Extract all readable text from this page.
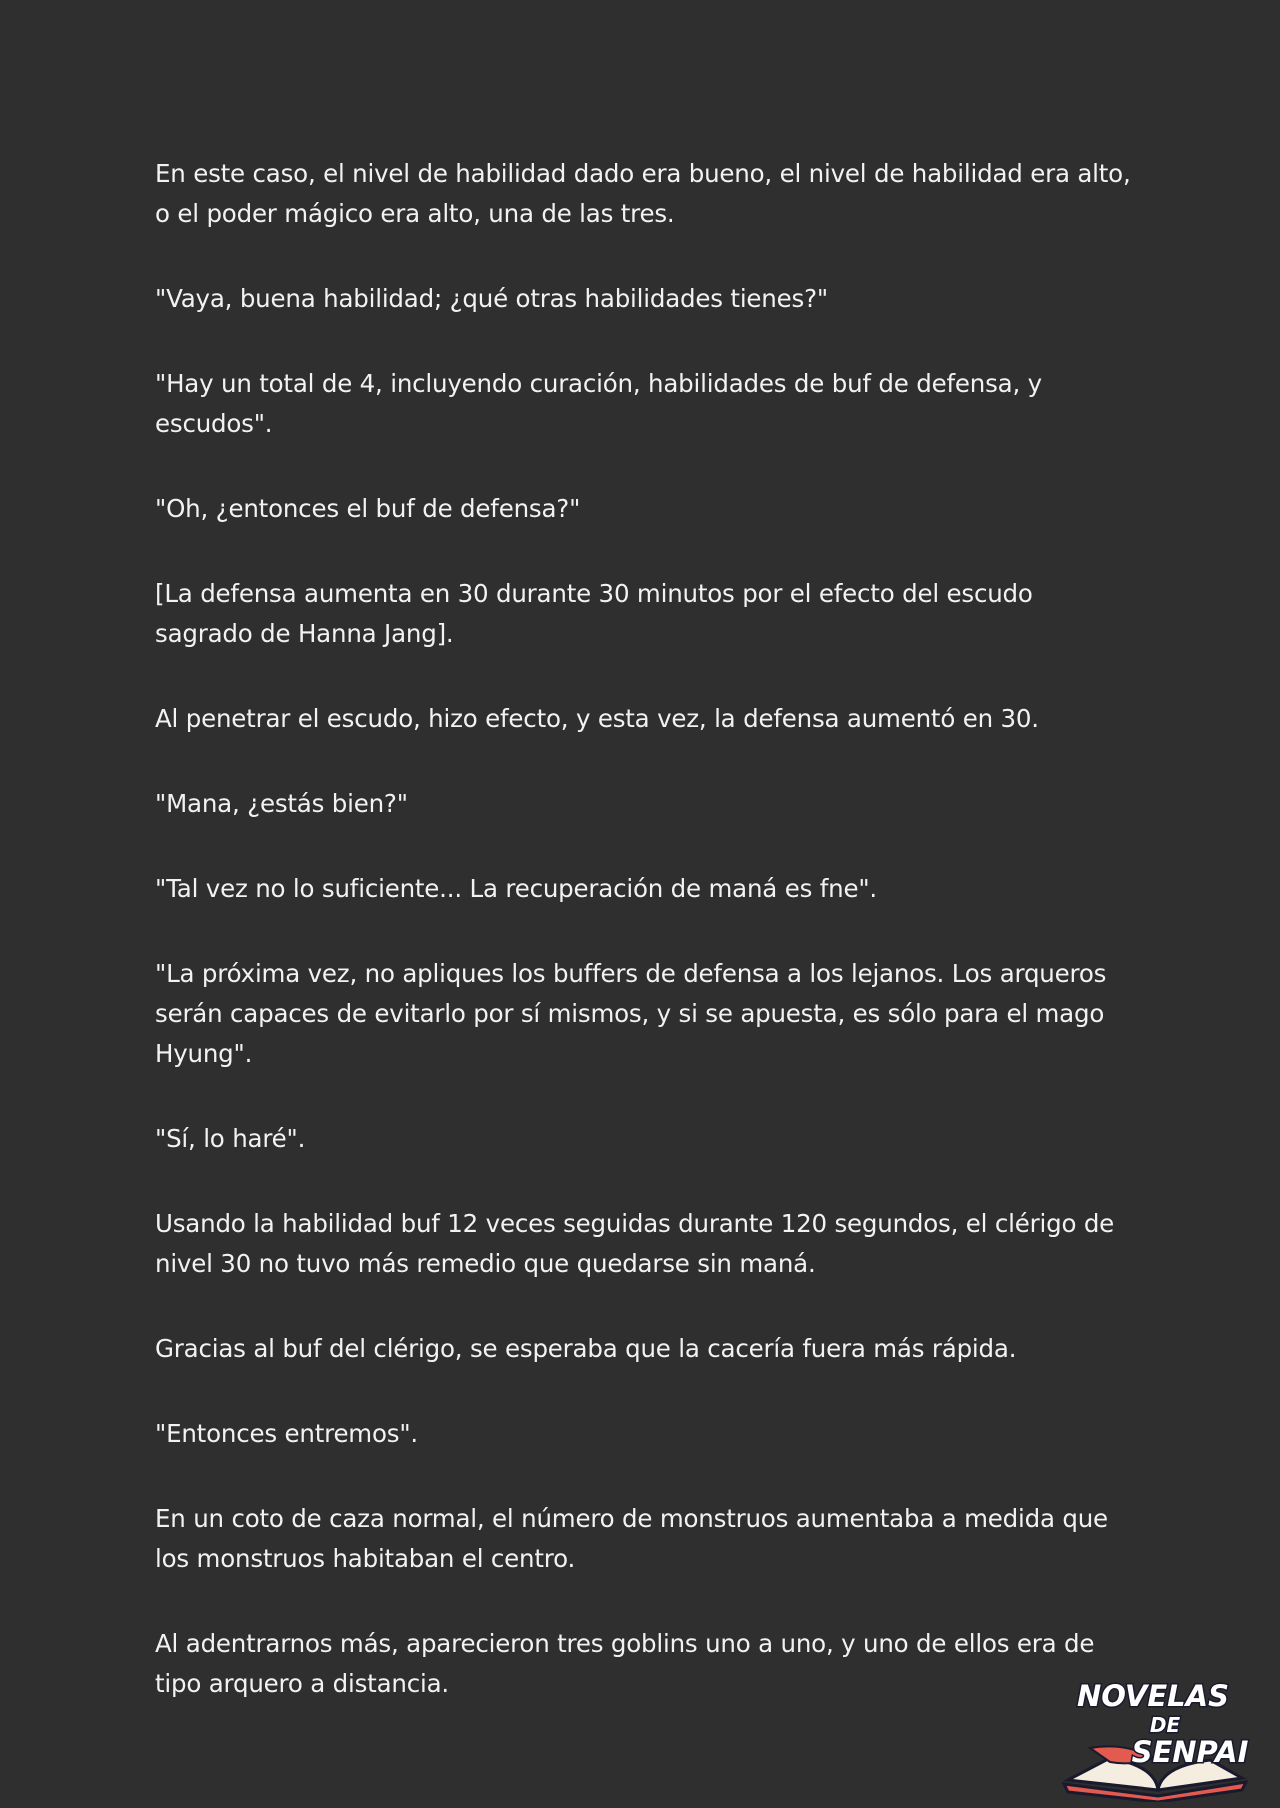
En este caso, el nivel de habilidad dado era bueno, el nivel de habilidad era alto, o el poder mágico era alto, una de las tres.

"Vaya, buena habilidad; ¿qué otras habilidades tienes?"

"Hay un total de 4, incluyendo curación, habilidades de buf de defensa, y escudos".

"Oh, ¿entonces el buf de defensa?"

[La defensa aumenta en 30 durante 30 minutos por el efecto del escudo sagrado de Hanna Jang].

Al penetrar el escudo, hizo efecto, y esta vez, la defensa aumentó en 30.

"Mana, ¿estás bien?"

"Tal vez no lo suficiente... La recuperación de maná es fne".

"La próxima vez, no apliques los buffers de defensa a los lejanos. Los arqueros serán capaces de evitarlo por sí mismos, y si se apuesta, es sólo para el mago Hyung".

"Sí, lo haré".

Usando la habilidad buf 12 veces seguidas durante 120 segundos, el clérigo de nivel 30 no tuvo más remedio que quedarse sin maná.

Gracias al buf del clérigo, se esperaba que la cacería fuera más rápida.

"Entonces entremos".

En un coto de caza normal, el número de monstruos aumentaba a medida que los monstruos habitaban el centro.

Al adentrarnos más, aparecieron tres goblins uno a uno, y uno de ellos era de tipo arquero a distancia.	NOVELAS
DE
SENPAI
